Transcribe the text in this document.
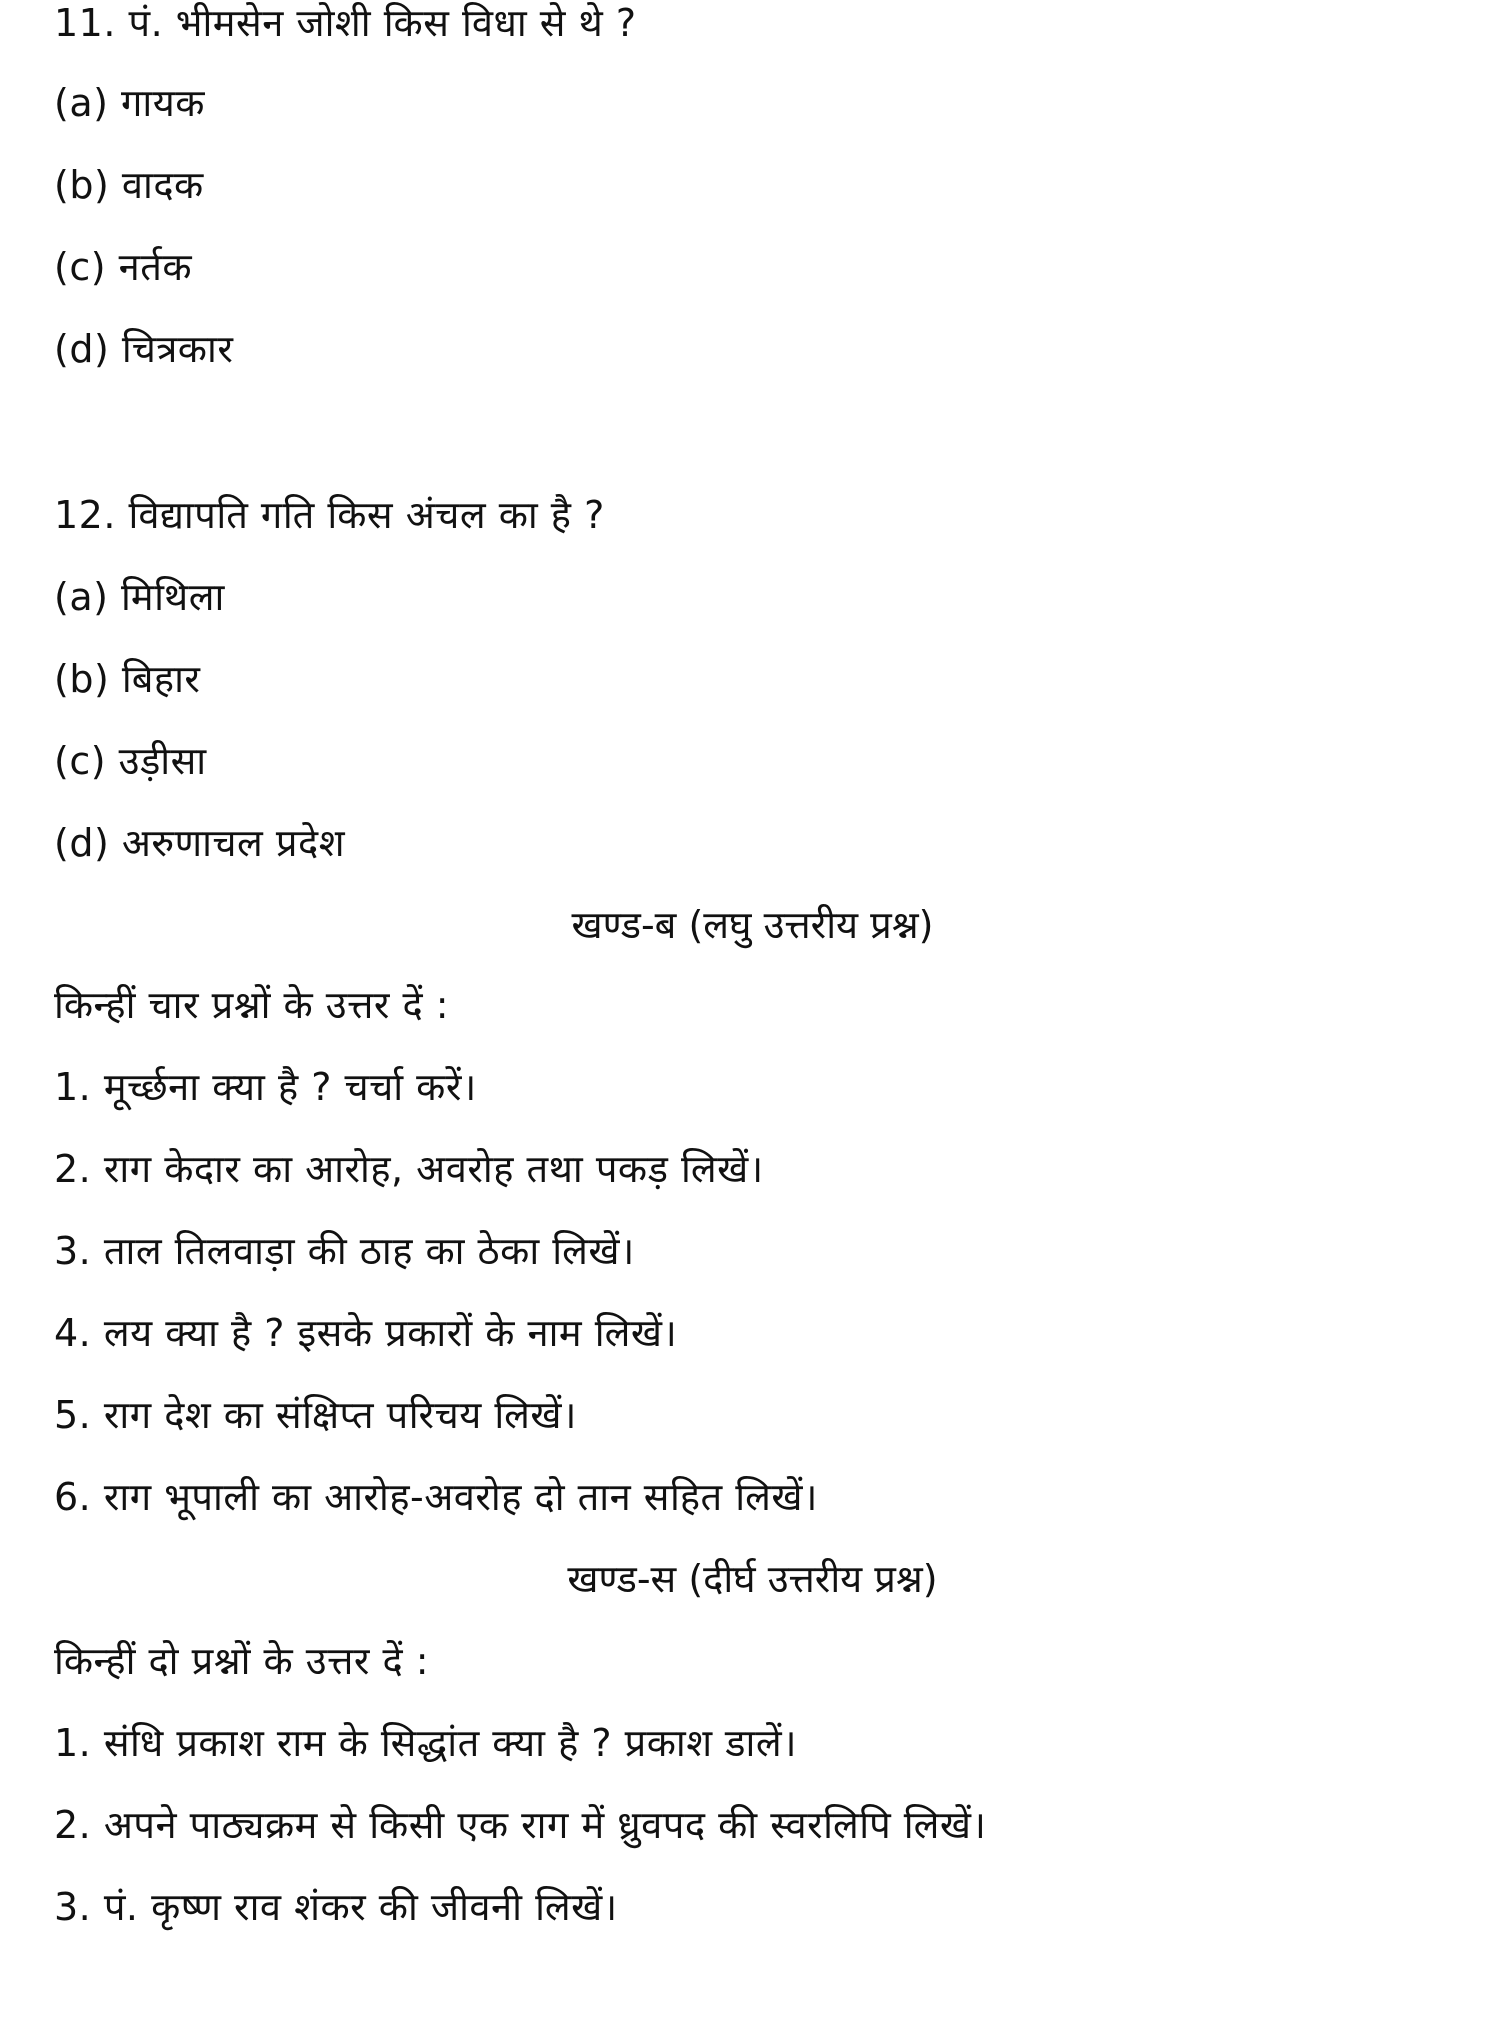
11. पं. भीमसेन जोशी किस विधा से थे ?
(a) गायक
(b) वादक
(c) नर्तक
(d) चित्रकार
12. विद्यापति गति किस अंचल का है ?
(a) मिथिला
(b) बिहार
(c) उड़ीसा
(d) अरुणाचल प्रदेश
खण्ड-ब (लघु उत्तरीय प्रश्न)
किन्हीं चार प्रश्नों के उत्तर दें :
1. मूर्च्छना क्या है ? चर्चा करें।
2. राग केदार का आरोह, अवरोह तथा पकड़ लिखें।
3. ताल तिलवाड़ा की ठाह का ठेका लिखें।
4. लय क्या है ? इसके प्रकारों के नाम लिखें।
5. राग देश का संक्षिप्त परिचय लिखें।
6. राग भूपाली का आरोह-अवरोह दो तान सहित लिखें।
खण्ड-स (दीर्घ उत्तरीय प्रश्न)
किन्हीं दो प्रश्नों के उत्तर दें :
1. संधि प्रकाश राम के सिद्धांत क्या है ? प्रकाश डालें।
2. अपने पाठ्यक्रम से किसी एक राग में ध्रुवपद की स्वरलिपि लिखें।
3. पं. कृष्ण राव शंकर की जीवनी लिखें।
